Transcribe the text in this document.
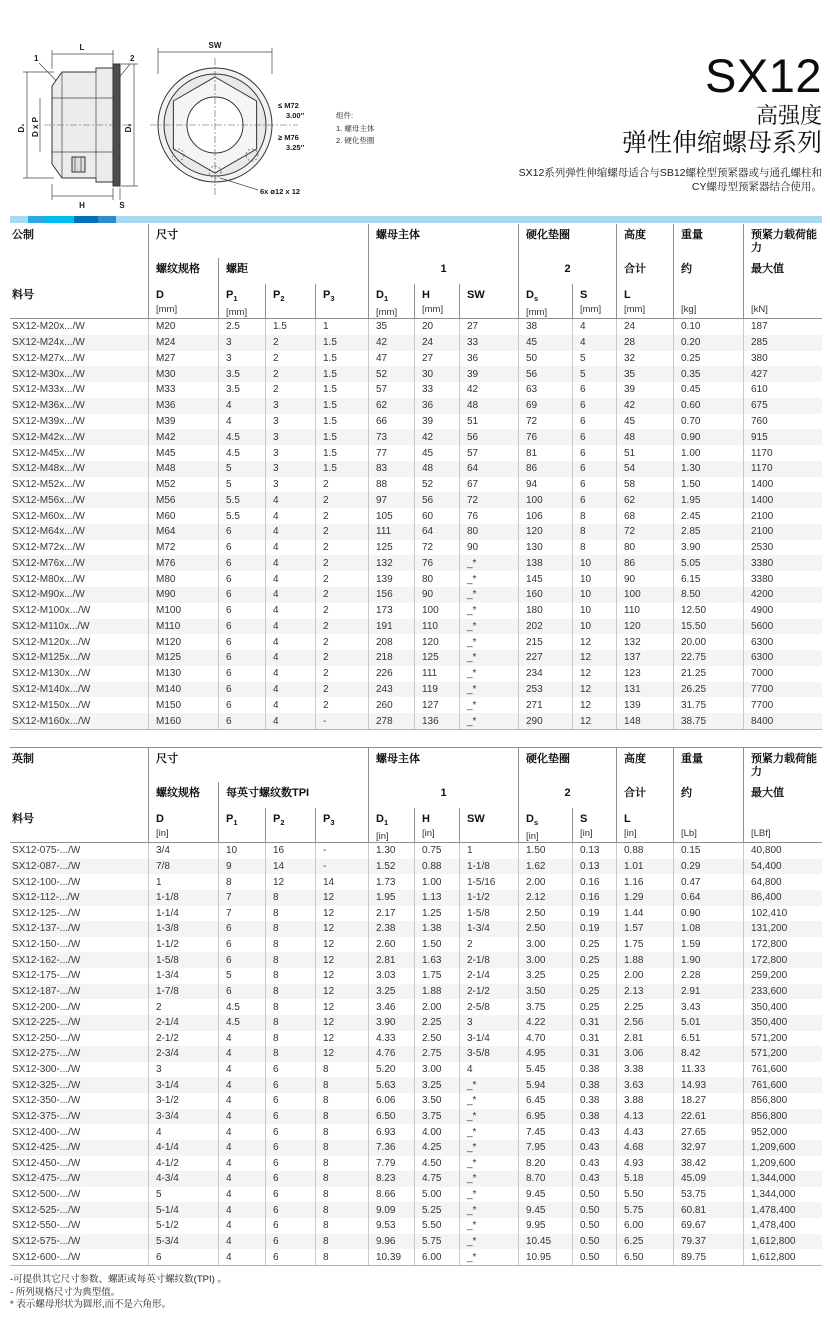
L
1	2
D₁ D x P	Dₛ
H	S
SW
≤ M72
3.00″
≥ M76
3.25″
6x ø12 x 12
组件:
1. 螺母主体
2. 硬化垫圈
SX12
高强度
弹性伸缩螺母系列
SX12系列弹性伸缩螺母适合与SB12螺栓型预紧器或与通孔螺柱和
CY螺母型预紧器结合使用。
公制	尺寸	螺母主体	硬化垫圈	高度	重量	预紧力载荷能力
螺纹规格	螺距	1	2	合计	约	最大值
料号	D
[mm]
$P_1$
[mm]
$P_2$	$P_3$	$D_1$
[mm]
H
[mm]
SW	$D_s$
[mm]
S
[mm]
L
[mm]	[kg]	[kN]
SX12-M20x.../W	M20	2.5	1.5	1	35	20	27	38	4	24	0.10	187
SX12-M24x.../W	M24	3	2	1.5	42	24	33	45	4	28	0.20	285
SX12-M27x.../W	M27	3	2	1.5	47	27	36	50	5	32	0.25	380
SX12-M30x.../W	M30	3.5	2	1.5	52	30	39	56	5	35	0.35	427
SX12-M33x.../W	M33	3.5	2	1.5	57	33	42	63	6	39	0.45	610
SX12-M36x.../W	M36	4	3	1.5	62	36	48	69	6	42	0.60	675
SX12-M39x.../W	M39	4	3	1.5	66	39	51	72	6	45	0.70	760
SX12-M42x.../W	M42	4.5	3	1.5	73	42	56	76	6	48	0.90	915
SX12-M45x.../W	M45	4.5	3	1.5	77	45	57	81	6	51	1.00	1170
SX12-M48x.../W	M48	5	3	1.5	83	48	64	86	6	54	1.30	1170
SX12-M52x.../W	M52	5	3	2	88	52	67	94	6	58	1.50	1400
SX12-M56x.../W	M56	5.5	4	2	97	56	72	100	6	62	1.95	1400
SX12-M60x.../W	M60	5.5	4	2	105	60	76	106	8	68	2.45	2100
SX12-M64x.../W	M64	6	4	2	111	64	80	120	8	72	2.85	2100
SX12-M72x.../W	M72	6	4	2	125	72	90	130	8	80	3.90	2530
SX12-M76x.../W	M76	6	4	2	132	76	_*	138	10	86	5.05	3380
SX12-M80x.../W	M80	6	4	2	139	80	_*	145	10	90	6.15	3380
SX12-M90x.../W	M90	6	4	2	156	90	_*	160	10	100	8.50	4200
SX12-M100x.../W	M100	6	4	2	173	100	_*	180	10	110	12.50	4900
SX12-M110x.../W	M110	6	4	2	191	110	_*	202	10	120	15.50	5600
SX12-M120x.../W	M120	6	4	2	208	120	_*	215	12	132	20.00	6300
SX12-M125x.../W	M125	6	4	2	218	125	_*	227	12	137	22.75	6300
SX12-M130x.../W	M130	6	4	2	226	111	_*	234	12	123	21.25	7000
SX12-M140x.../W	M140	6	4	2	243	119	_*	253	12	131	26.25	7700
SX12-M150x.../W	M150	6	4	2	260	127	_*	271	12	139	31.75	7700
SX12-M160x.../W	M160	6	4	-	278	136	_*	290	12	148	38.75	8400
英制	尺寸	螺母主体	硬化垫圈	高度	重量	预紧力载荷能力
螺纹规格	每英寸螺纹数TPI	1	2	合计	约	最大值
料号	D
[in]
$P_1$	$P_2$	$P_3$	$D_1$
[in]
H
[in]
SW	$D_s$
[in]
S
[in]
L
[in]	[Lb]	[LBf]
SX12-075-.../W	3/4	10	16	-	1.30	0.75	1	1.50	0.13	0.88	0.15	40,800
SX12-087-.../W	7/8	9	14	-	1.52	0.88	1-1/8	1.62	0.13	1.01	0.29	54,400
SX12-100-.../W	1	8	12	14	1.73	1.00	1-5/16	2.00	0.16	1.16	0.47	64,800
SX12-112-.../W	1-1/8	7	8	12	1.95	1.13	1-1/2	2.12	0.16	1.29	0.64	86,400
SX12-125-.../W	1-1/4	7	8	12	2.17	1.25	1-5/8	2.50	0.19	1.44	0.90	102,410
SX12-137-.../W	1-3/8	6	8	12	2.38	1.38	1-3/4	2.50	0.19	1.57	1.08	131,200
SX12-150-.../W	1-1/2	6	8	12	2.60	1.50	2	3.00	0.25	1.75	1.59	172,800
SX12-162-.../W	1-5/8	6	8	12	2.81	1.63	2-1/8	3.00	0.25	1.88	1.90	172,800
SX12-175-.../W	1-3/4	5	8	12	3.03	1.75	2-1/4	3.25	0.25	2.00	2.28	259,200
SX12-187-.../W	1-7/8	6	8	12	3.25	1.88	2-1/2	3.50	0.25	2.13	2.91	233,600
SX12-200-.../W	2	4.5	8	12	3.46	2.00	2-5/8	3.75	0.25	2.25	3.43	350,400
SX12-225-.../W	2-1/4	4.5	8	12	3.90	2.25	3	4.22	0.31	2.56	5.01	350,400
SX12-250-.../W	2-1/2	4	8	12	4.33	2.50	3-1/4	4.70	0.31	2.81	6.51	571,200
SX12-275-.../W	2-3/4	4	8	12	4.76	2.75	3-5/8	4.95	0.31	3.06	8.42	571,200
SX12-300-.../W	3	4	6	8	5.20	3.00	4	5.45	0.38	3.38	11.33	761,600
SX12-325-.../W	3-1/4	4	6	8	5.63	3.25	_*	5.94	0.38	3.63	14.93	761,600
SX12-350-.../W	3-1/2	4	6	8	6.06	3.50	_*	6.45	0.38	3.88	18.27	856,800
SX12-375-.../W	3-3/4	4	6	8	6.50	3.75	_*	6.95	0.38	4.13	22.61	856,800
SX12-400-.../W	4	4	6	8	6.93	4.00	_*	7.45	0.43	4.43	27.65	952,000
SX12-425-.../W	4-1/4	4	6	8	7.36	4.25	_*	7.95	0.43	4.68	32.97	1,209,600
SX12-450-.../W	4-1/2	4	6	8	7.79	4.50	_*	8.20	0.43	4.93	38.42	1,209,600
SX12-475-.../W	4-3/4	4	6	8	8.23	4.75	_*	8.70	0.43	5.18	45.09	1,344,000
SX12-500-.../W	5	4	6	8	8.66	5.00	_*	9.45	0.50	5.50	53.75	1,344,000
SX12-525-.../W	5-1/4	4	6	8	9.09	5.25	_*	9.45	0.50	5.75	60.81	1,478,400
SX12-550-.../W	5-1/2	4	6	8	9.53	5.50	_*	9.95	0.50	6.00	69.67	1,478,400
SX12-575-.../W	5-3/4	4	6	8	9.96	5.75	_*	10.45	0.50	6.25	79.37	1,612,800
SX12-600-.../W	6	4	6	8	10.39	6.00	_*	10.95	0.50	6.50	89.75	1,612,800
-可提供其它尺寸参数、螺距或每英寸螺纹数(TPI) 。
- 所列规格尺寸为典型值。
* 表示螺母形状为圆形,而不是六角形。
